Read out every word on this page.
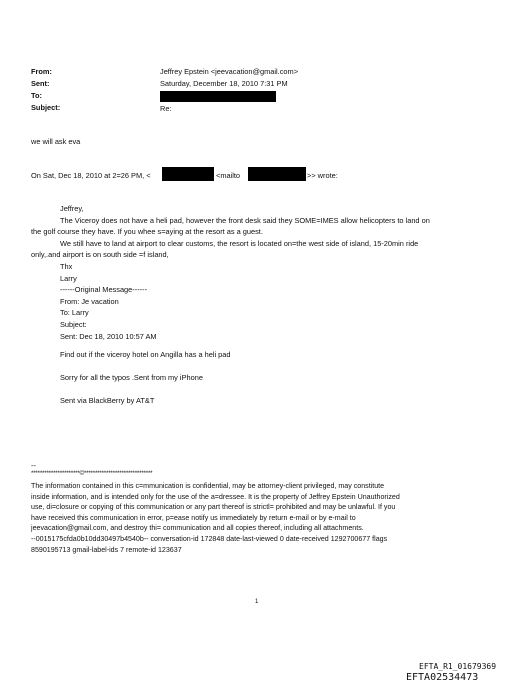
From:	Jeffrey Epstein <jeevacation@gmail.com>
Sent:	Saturday, December 18, 2010 7:31 PM
To:
Subject:	Re:
we will ask eva
On Sat, Dec 18, 2010 at 2=26 PM, <	<mailto	>> wrote:
Jeffrey,
The Viceroy does not have a heli pad, however the front desk said they SOME=IMES allow helicopters to land on
the golf course they have. If you whee s=aying at the resort as a guest.
We still have to land at airport to clear customs, the resort is located on=the west side of island, 15-20min ride
only,.and airport is on south side =f island,
Thx
Larry
------Original Message------
From: Je vacation
To: Larry
Subject:
Sent: Dec 18, 2010 10:57 AM
Find out if the viceroy hotel on Angilla has a heli pad
Sorry for all the typos .Sent from my iPhone
Sent via BlackBerry by AT&T
--
**********************©*******************************
The information contained in this c=mmunication is confidential, may be attorney-client privileged, may constitute
inside information, and is intended only for the use of the a=dressee. It is the property of Jeffrey Epstein Unauthorized
use, di=closure or copying of this communication or any part thereof is strictl= prohibited and may be unlawful. If you
have received this communication in error, p=ease notify us immediately by return e-mail or by e-mail to
jeevacation@gmail.com, and destroy thi= communication and all copies thereof, including all attachments.
--0015175cfda0b10dd30497b4540b-- conversation-id 172848 date-last-viewed 0 date-received 1292700677 flags
8590195713 gmail-label-ids 7 remote-id 123637
1
EFTA_R1_01679369
EFTA02534473
